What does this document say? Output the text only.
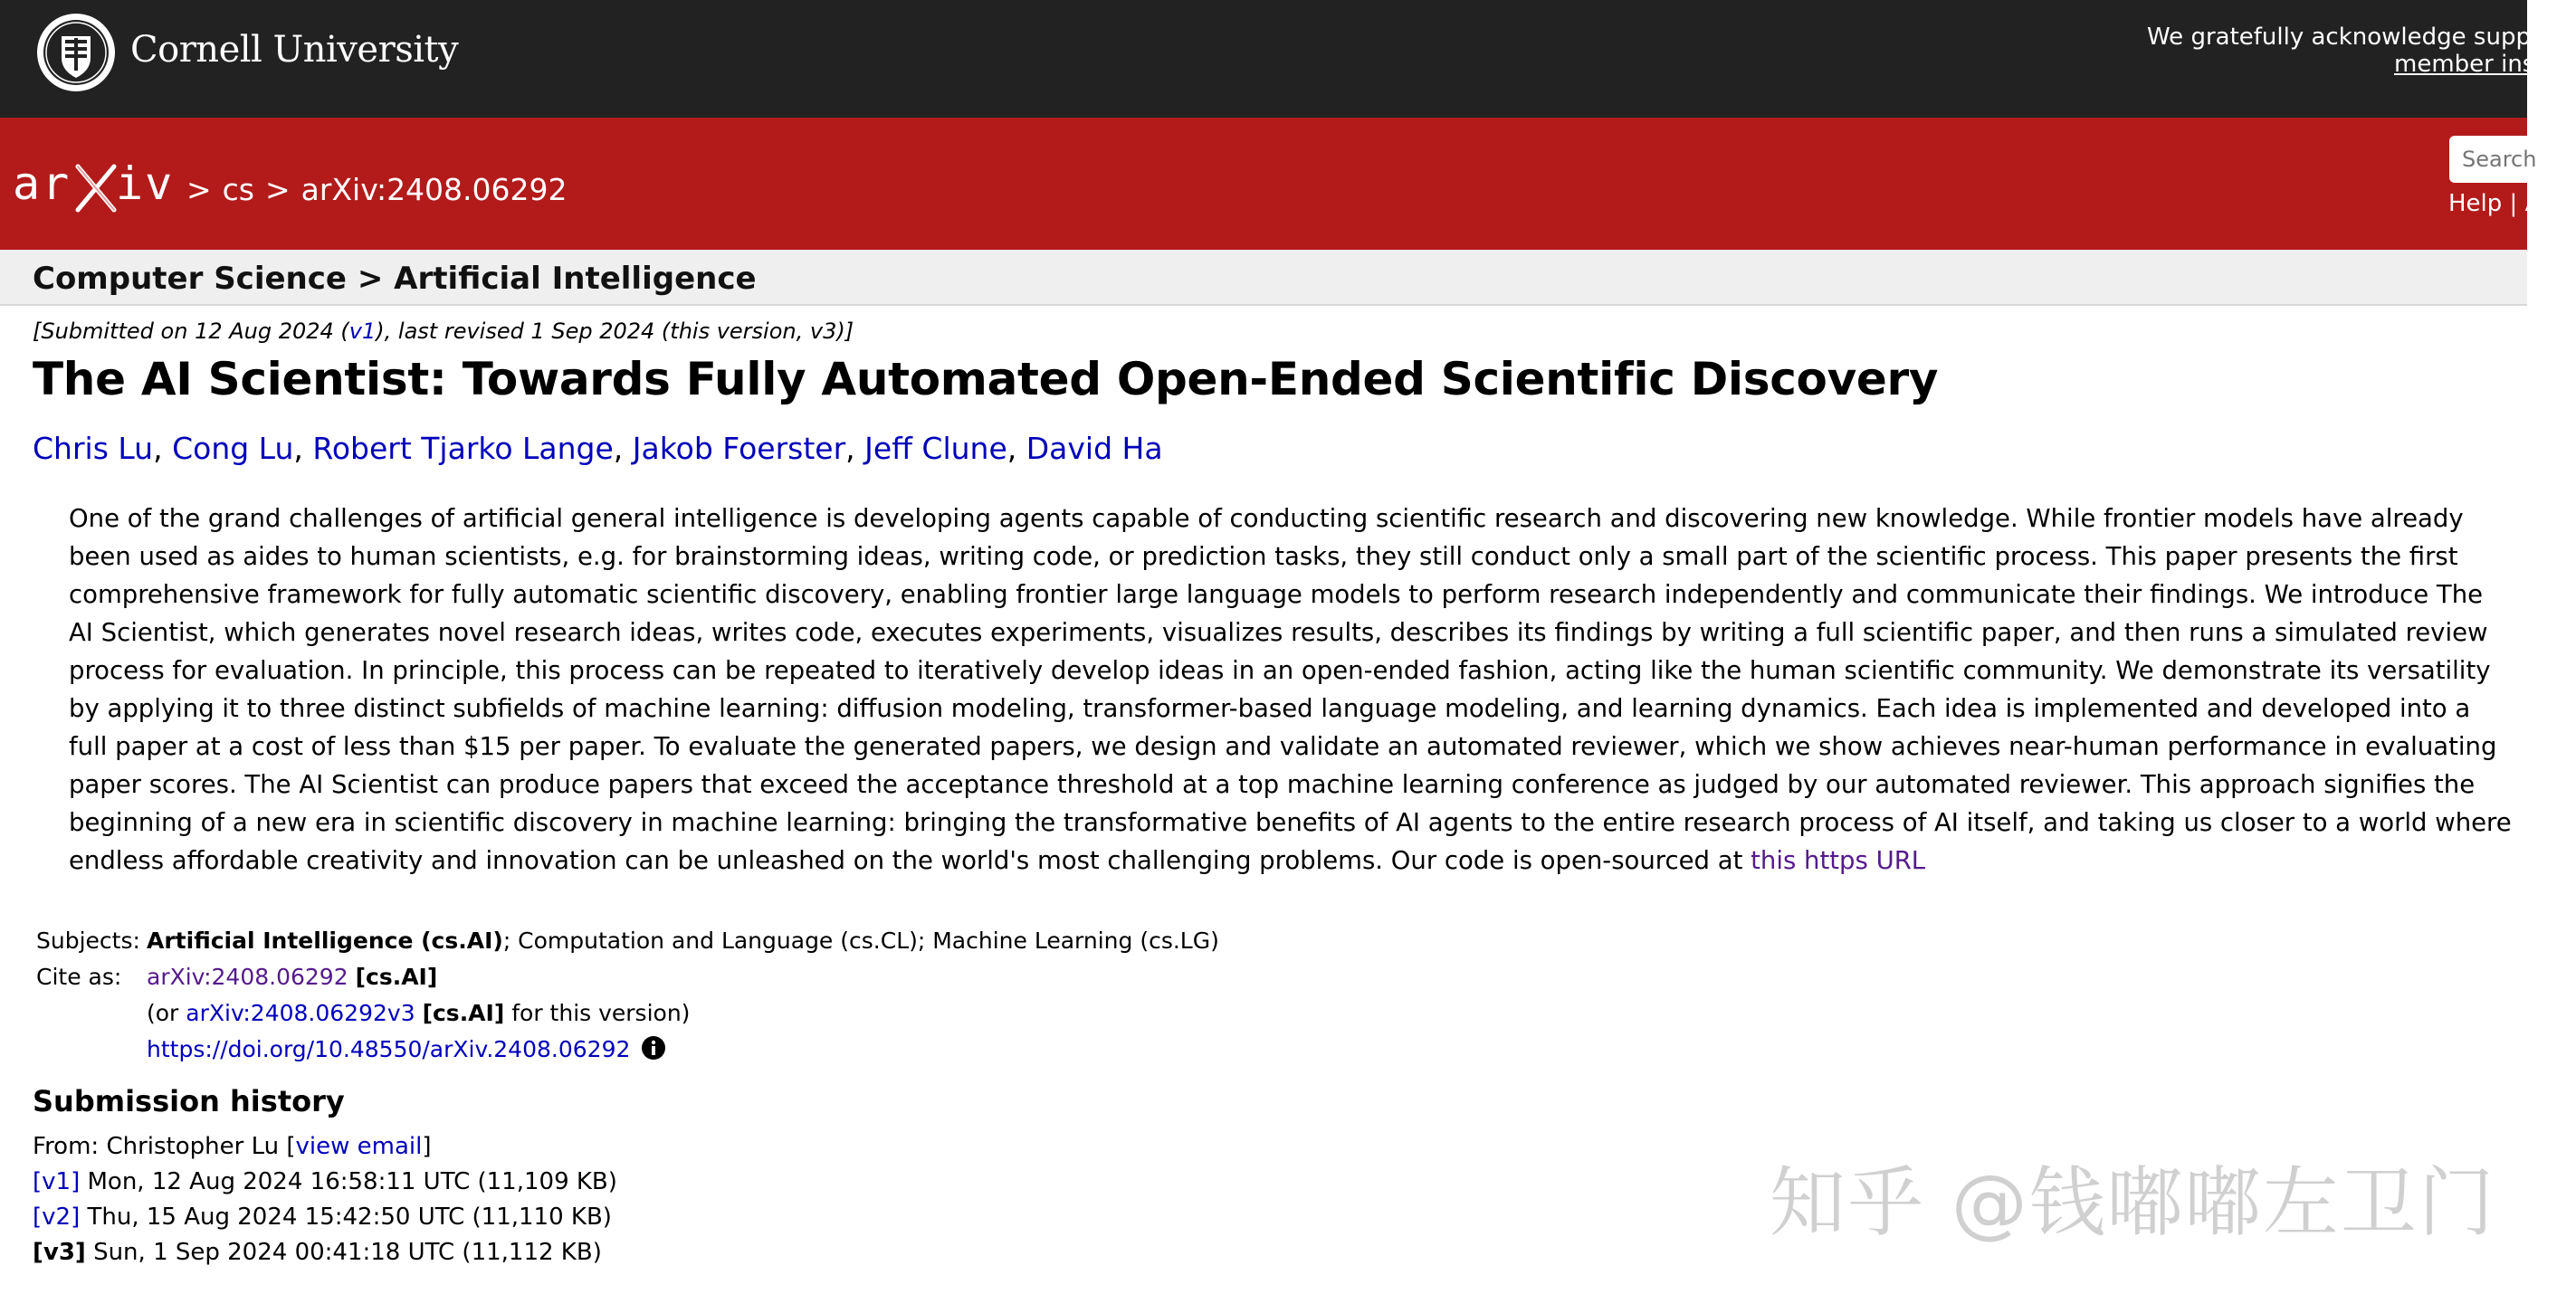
Cornell University	We gratefully acknowledge support
member inst
ar iv > cs > arXiv:2408.06292
Search	Help | A
Computer Science > Artificial Intelligence
[Submitted on 12 Aug 2024 (v1), last revised 1 Sep 2024 (this version, v3)]
The AI Scientist: Towards Fully Automated Open-Ended Scientific Discovery
Chris Lu, Cong Lu, Robert Tjarko Lange, Jakob Foerster, Jeff Clune, David Ha
One of the grand challenges of artificial general intelligence is developing agents capable of conducting scientific research and discovering new knowledge. While frontier models have already been used as aides to human scientists, e.g. for brainstorming ideas, writing code, or prediction tasks, they still conduct only a small part of the scientific process. This paper presents the first comprehensive framework for fully automatic scientific discovery, enabling frontier large language models to perform research independently and communicate their findings. We introduce The AI Scientist, which generates novel research ideas, writes code, executes experiments, visualizes results, describes its findings by writing a full scientific paper, and then runs a simulated review process for evaluation. In principle, this process can be repeated to iteratively develop ideas in an open-ended fashion, acting like the human scientific community. We demonstrate its versatility by applying it to three distinct subfields of machine learning: diffusion modeling, transformer-based language modeling, and learning dynamics. Each idea is implemented and developed into a full paper at a cost of less than $15 per paper. To evaluate the generated papers, we design and validate an automated reviewer, which we show achieves near-human performance in evaluating paper scores. The AI Scientist can produce papers that exceed the acceptance threshold at a top machine learning conference as judged by our automated reviewer. This approach signifies the beginning of a new era in scientific discovery in machine learning: bringing the transformative benefits of AI agents to the entire research process of AI itself, and taking us closer to a world where endless affordable creativity and innovation can be unleashed on the world's most challenging problems. Our code is open-sourced at this https URL
Subjects: Artificial Intelligence (cs.AI); Computation and Language (cs.CL); Machine Learning (cs.LG)
Cite as:	arXiv:2408.06292 [cs.AI]
(or arXiv:2408.06292v3 [cs.AI] for this version)
https://doi.org/10.48550/arXiv.2408.06292
Submission history
From: Christopher Lu [view email]
[v1] Mon, 12 Aug 2024 16:58:11 UTC (11,109 KB)
[v2] Thu, 15 Aug 2024 15:42:50 UTC (11,110 KB)
[v3] Sun, 1 Sep 2024 00:41:18 UTC (11,112 KB)
知乎 @钱嘟嘟左卫门
